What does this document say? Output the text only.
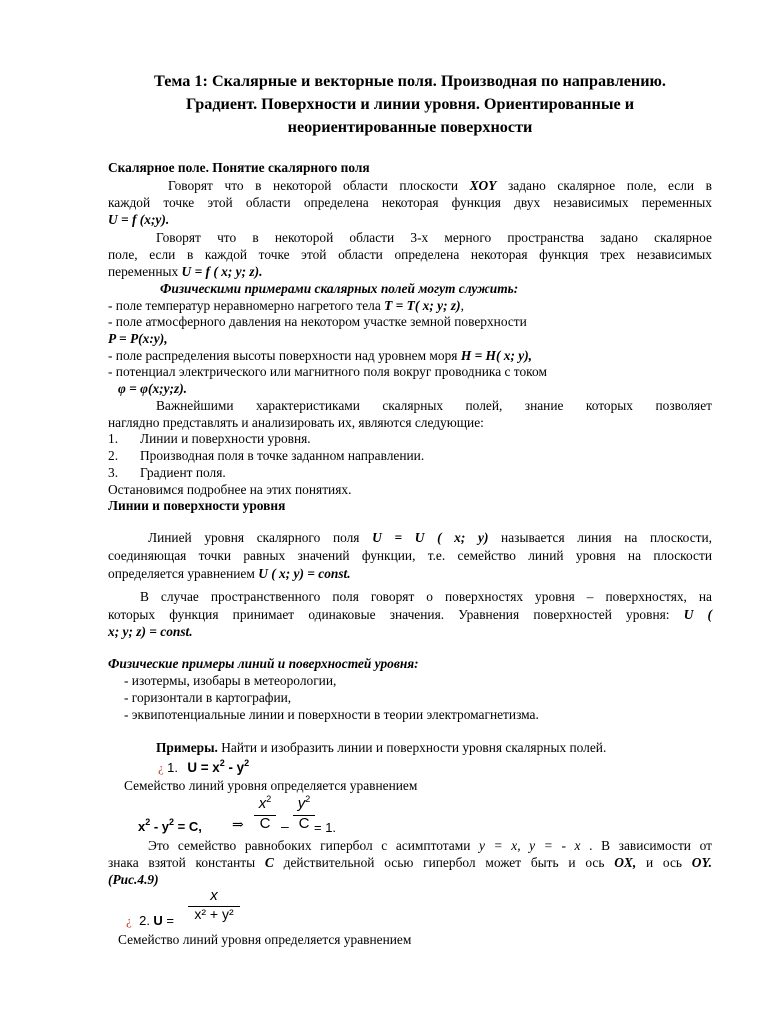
Тема 1: Скалярные и векторные поля. Производная по направлению.
Градиент. Поверхности и линии уровня. Ориентированные и
неориентированные поверхности
Скалярное поле. Понятие скалярного поля
Говорят что в некоторой области плоскости XOY задано скалярное поле, если в
каждой точке этой области определена некоторая функция двух независимых переменных
U = f (x;y).
Говорят что в некоторой области 3-х мерного пространства задано скалярное
поле, если в каждой точке этой области определена некоторая функция трех независимых
переменных U = f ( x; y; z).
Физическими примерами скалярных полей могут служить:
- поле температур неравномерно нагретого тела T = T( x; y; z),
- поле атмосферного давления на некотором участке земной поверхности
P = P(x:y),
- поле распределения высоты поверхности над уровнем моря H = H( x; y),
- потенциал электрического или магнитного поля вокруг проводника с током
φ = φ(x;y;z).
Важнейшими характеристиками скалярных полей, знание которых позволяет
наглядно представлять и анализировать их, являются следующие:
1. Линии и поверхности уровня.
2. Производная поля в точке заданном направлении.
3. Градиент поля.
Остановимся подробнее на этих понятиях.
Линии и поверхности уровня
Линией уровня скалярного поля U = U ( x; y) называется линия на плоскости,
соединяющая точки равных значений функции, т.е. семейство линий уровня на плоскости
определяется уравнением U ( x; y) = const.
В случае пространственного поля говорят о поверхностях уровня – поверхностях, на
которых функция принимает одинаковые значения. Уравнения поверхностей уровня: U (
x; y; z) = const.
Физические примеры линий и поверхностей уровня:
- изотермы, изобары в метеорологии,
- горизонтали в картографии,
- эквипотенциальные линии и поверхности в теории электромагнетизма.
Примеры. Найти и изобразить линии и поверхности уровня скалярных полей.
¿ 1. $U = x^2 - y^2$
Семейство линий уровня определяется уравнением
$x^2 - y^2 = C$, ⇒
$x^2$
C –
$y^2$
C = 1.
Это семейство равнобоких гипербол с асимптотами y = x, y = - x . В зависимости от
знака взятой константы C действительной осью гипербол может быть и ось OX, и ось OY.
(Рис.4.9)
¿ 2. U =
x
x² + y²
Семейство линий уровня определяется уравнением
